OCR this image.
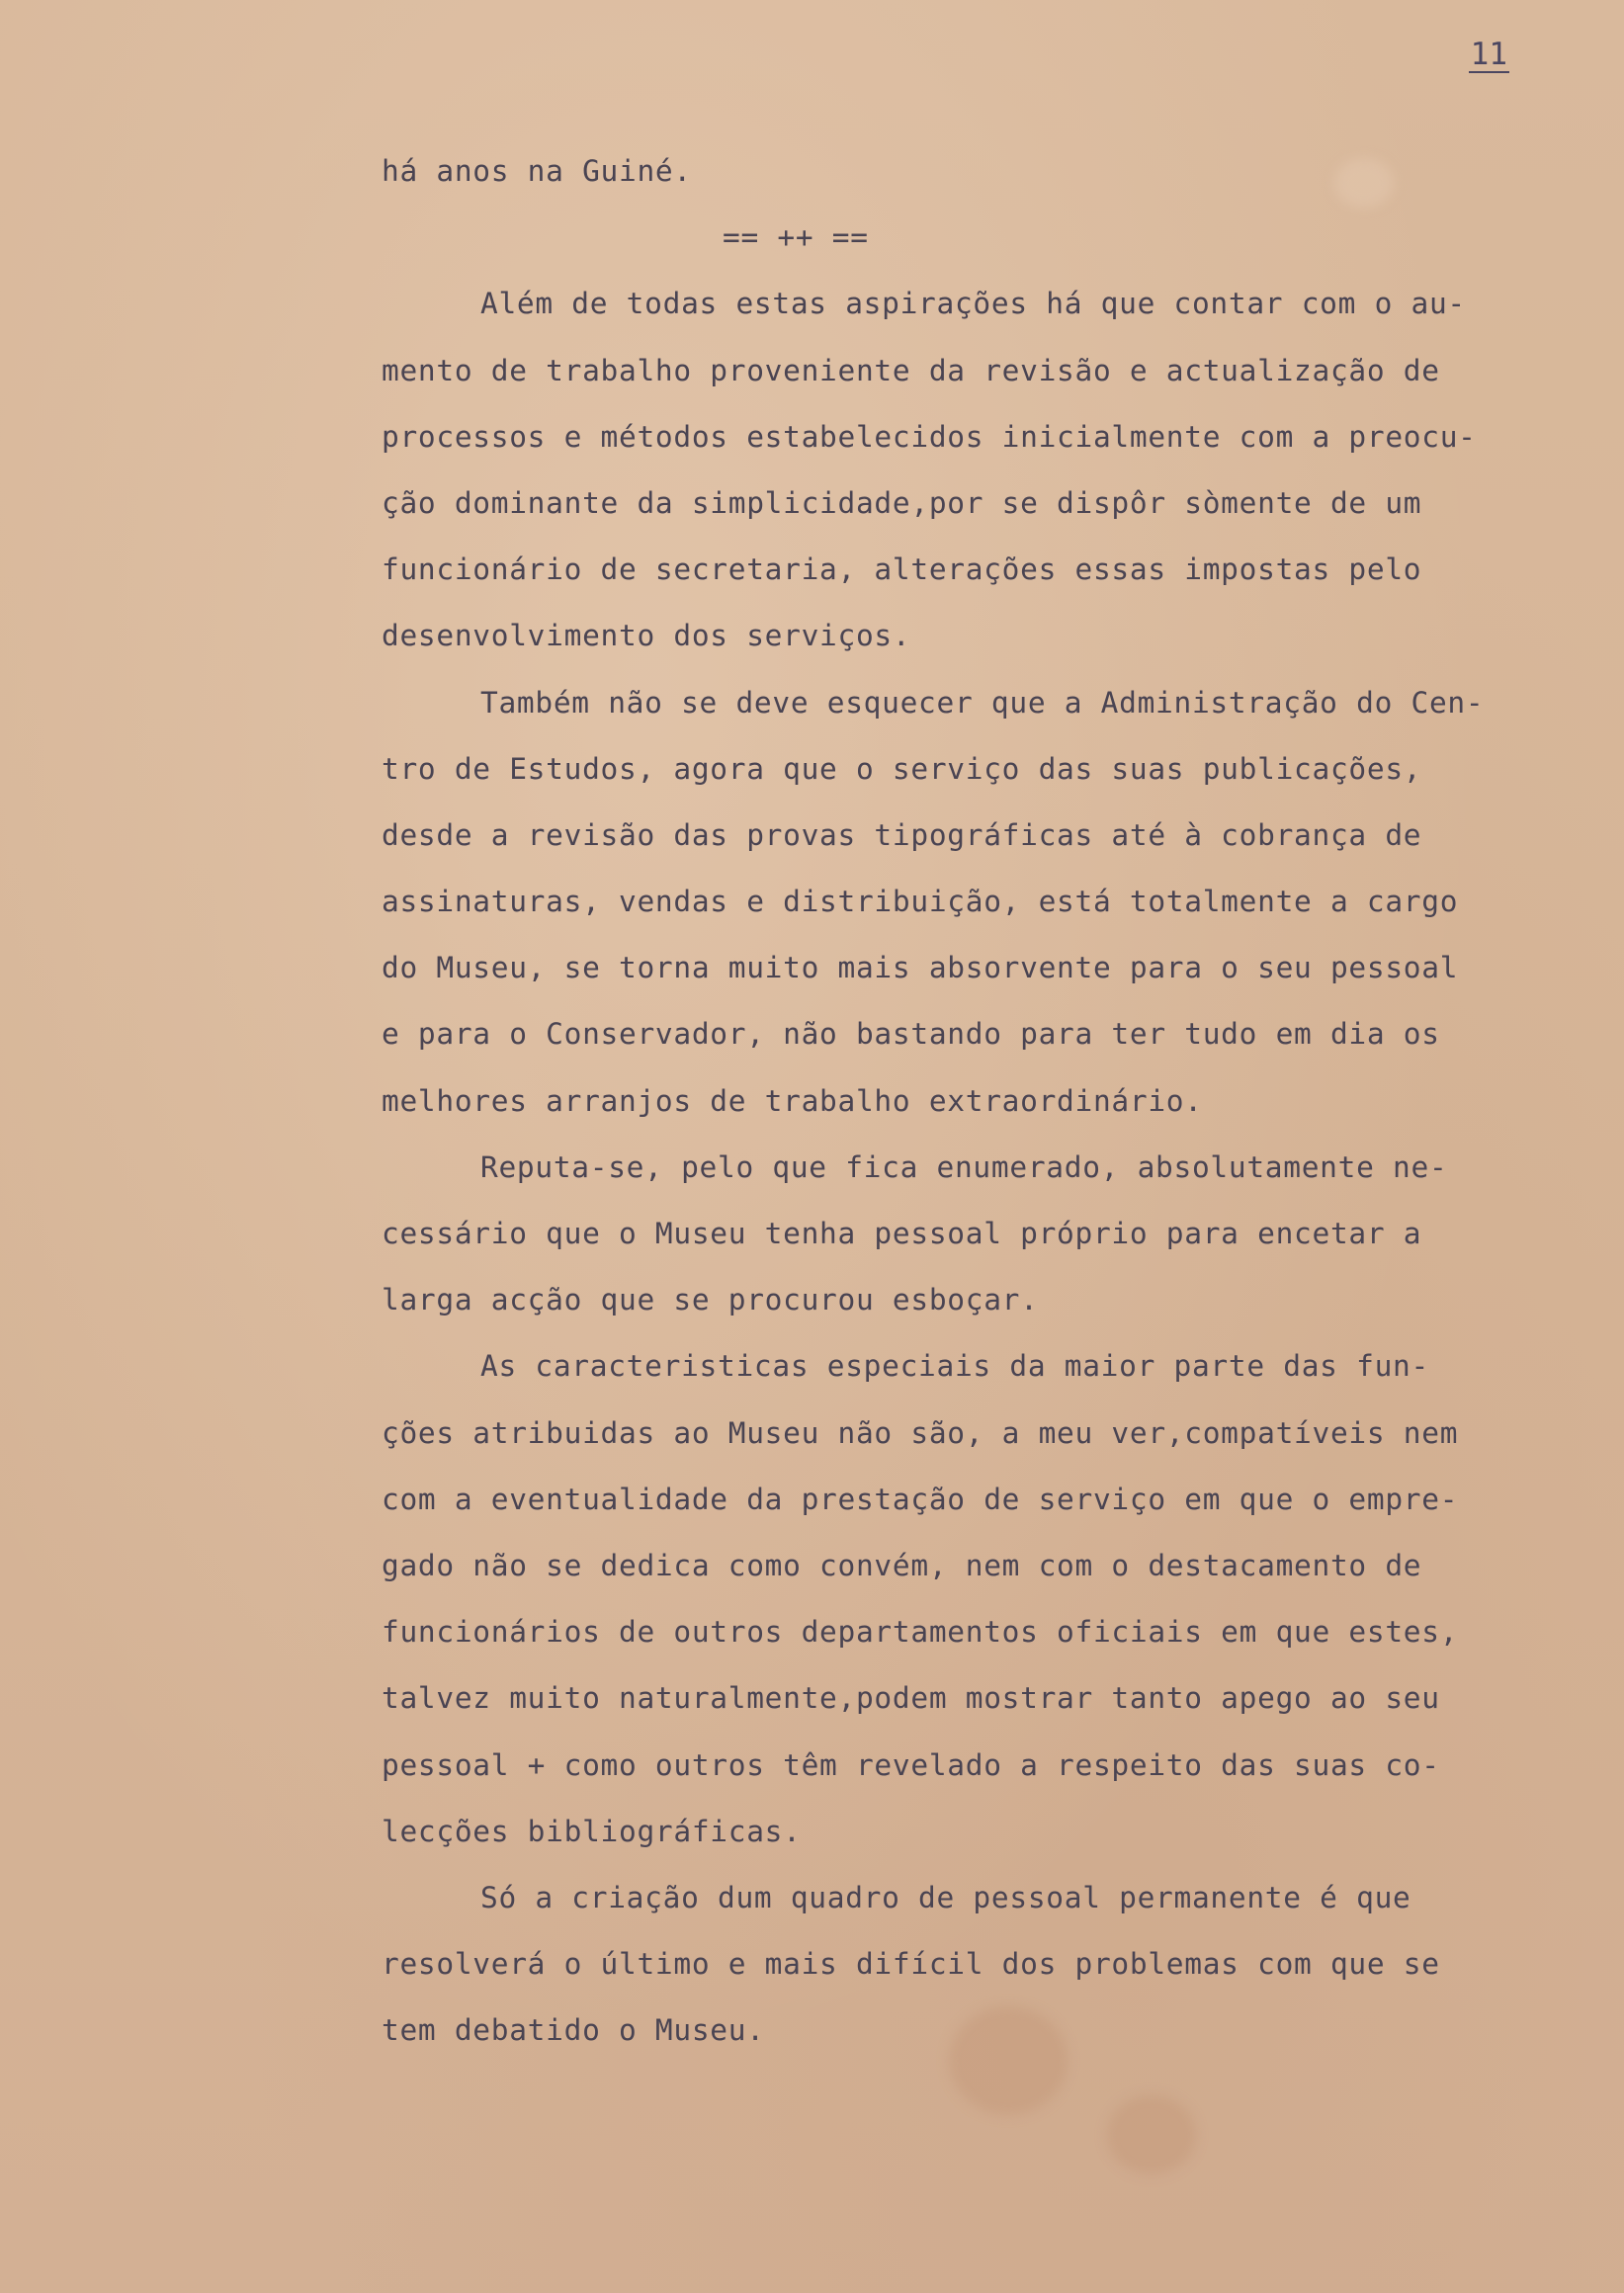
11
há anos na Guiné.
== ++ ==
Além de todas estas aspirações há que contar com o au-
mento de trabalho proveniente da revisão e actualização de
processos e métodos estabelecidos inicialmente com a preocu-
ção dominante da simplicidade,por se dispôr sòmente de um
funcionário de secretaria, alterações essas impostas pelo
desenvolvimento dos serviços.
Também não se deve esquecer que a Administração do Cen-
tro de Estudos, agora que o serviço das suas publicações,
desde a revisão das provas tipográficas até à cobrança de
assinaturas, vendas e distribuição, está totalmente a cargo
do Museu, se torna muito mais absorvente para o seu pessoal
e para o Conservador, não bastando para ter tudo em dia os
melhores arranjos de trabalho extraordinário.
Reputa-se, pelo que fica enumerado, absolutamente ne-
cessário que o Museu tenha pessoal próprio para encetar a
larga acção que se procurou esboçar.
As caracteristicas especiais da maior parte das fun-
ções atribuidas ao Museu não são, a meu ver,compatíveis nem
com a eventualidade da prestação de serviço em que o empre-
gado não se dedica como convém, nem com o destacamento de
funcionários de outros departamentos oficiais em que estes,
talvez muito naturalmente,podem mostrar tanto apego ao seu
pessoal + como outros têm revelado a respeito das suas co-
lecções bibliográficas.
Só a criação dum quadro de pessoal permanente é que
resolverá o último e mais difícil dos problemas com que se
tem debatido o Museu.
